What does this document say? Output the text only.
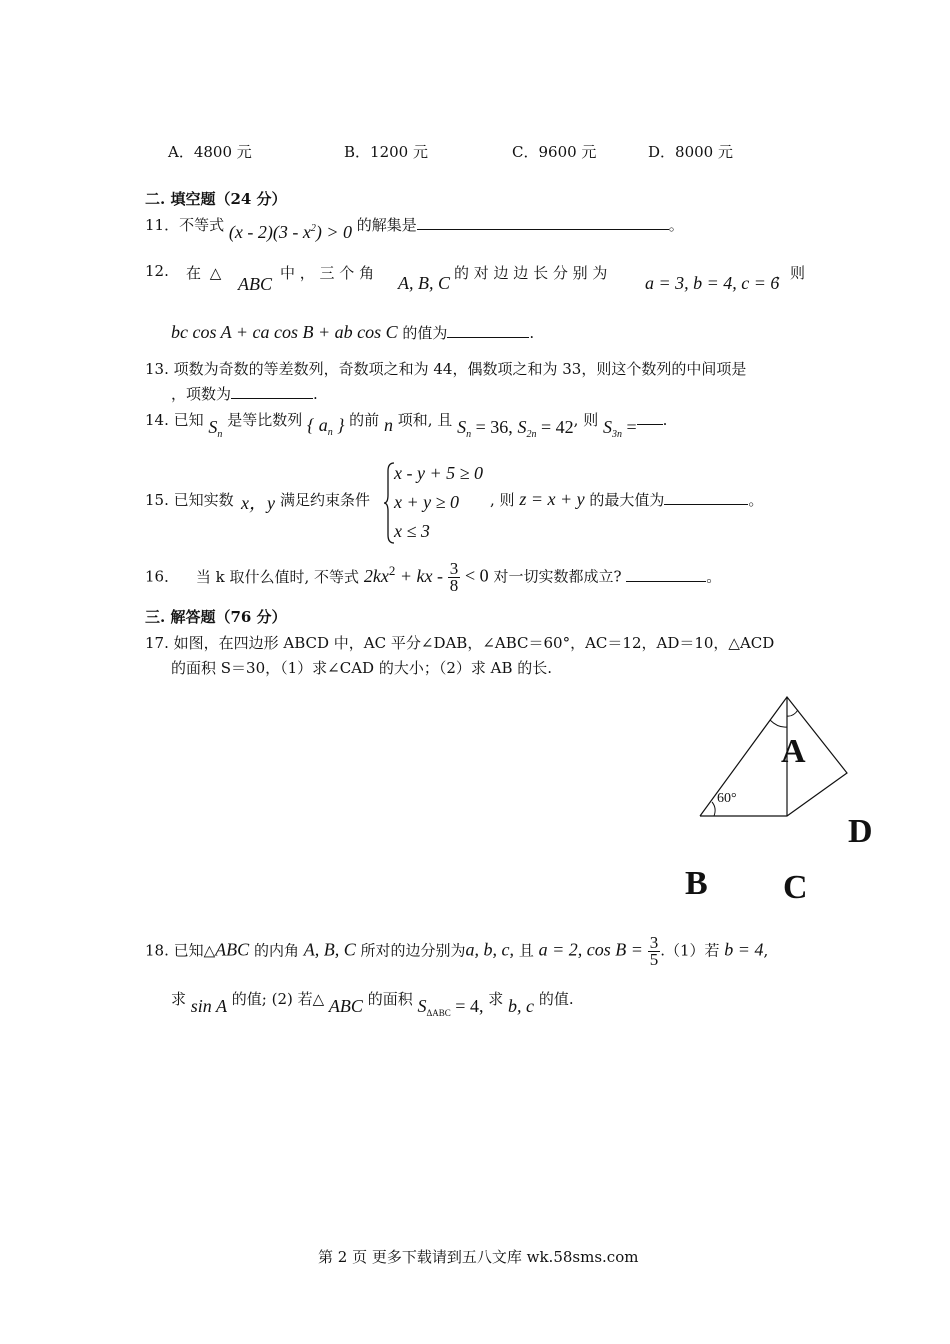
A．4800 元	B．1200 元	C．9600 元	D．8000 元
二. 填空题（24 分）
11．不等式 $(x - 2)(3 - x^2) > 0$ 的解集是	。
12. 在 △
ABC
中 ， 三 个 角 A, B, C 的 对 边 边 长 分 别 为 a = 3, b = 4, c = 6
，则
bc cos A + ca cos B + ab cos C 的值为	.
13. 项数为奇数的等差数列，奇数项之和为 44，偶数项之和为 33，则这个数列的中间项是
，项数为	.
14. 已知 $S_n$ 是等比数列 { $a_n$ } 的前 n 项和, 且 $S_n = 36$, $S_{2n} = 42$, 则 $S_{3n}$ = .
15. 已知实数 x，y 满足约束条件
x - y + 5 ≥ 0
x + y ≥ 0
x ≤ 3
, 则 z = x + y 的最大值为	。
16． 当 k 取什么值时, 不等式 $2kx^2$ + kx - $\frac{3}{8} < 0$ 对一切实数都成立?	。
三. 解答题（76 分）
17. 如图，在四边形 ABCD 中，AC 平分∠DAB，∠ABC＝60°，AC＝12，AD＝10，△ACD
的面积 S＝30，（1）求∠CAD 的大小；（2）求 AB 的长.
60°
A
B C
D
18. 已知△ABC 的内角 A, B, C 所对的边分别为a, b, c, 且 a = 2, $\cos B = \frac{3}{5} .(1)$若 b = 4,
求 sin A 的值; (2) 若△ ABC 的面积 $S_{\Delta ABC} = 4$, 求 b, c 的值.
第 2 页 更多下载请到五八文库 wk.58sms.com
